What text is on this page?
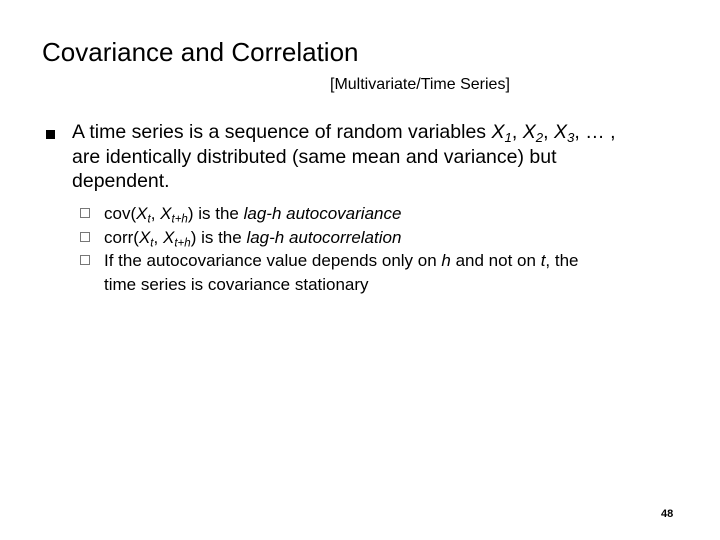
Covariance and Correlation
[Multivariate/Time Series]
A time series is a sequence of random variables $X_1$, $X_2$, $X_3$, … ,
are identically distributed (same mean and variance) but
dependent.
$cov(X_t$, $X_{t+h}$) is the lag-h autocovariance
$corr(X_t$, $X_{t+h}$) is the lag-h autocorrelation
If the autocovariance value depends only on h and not on t, the
time series is covariance stationary
48
